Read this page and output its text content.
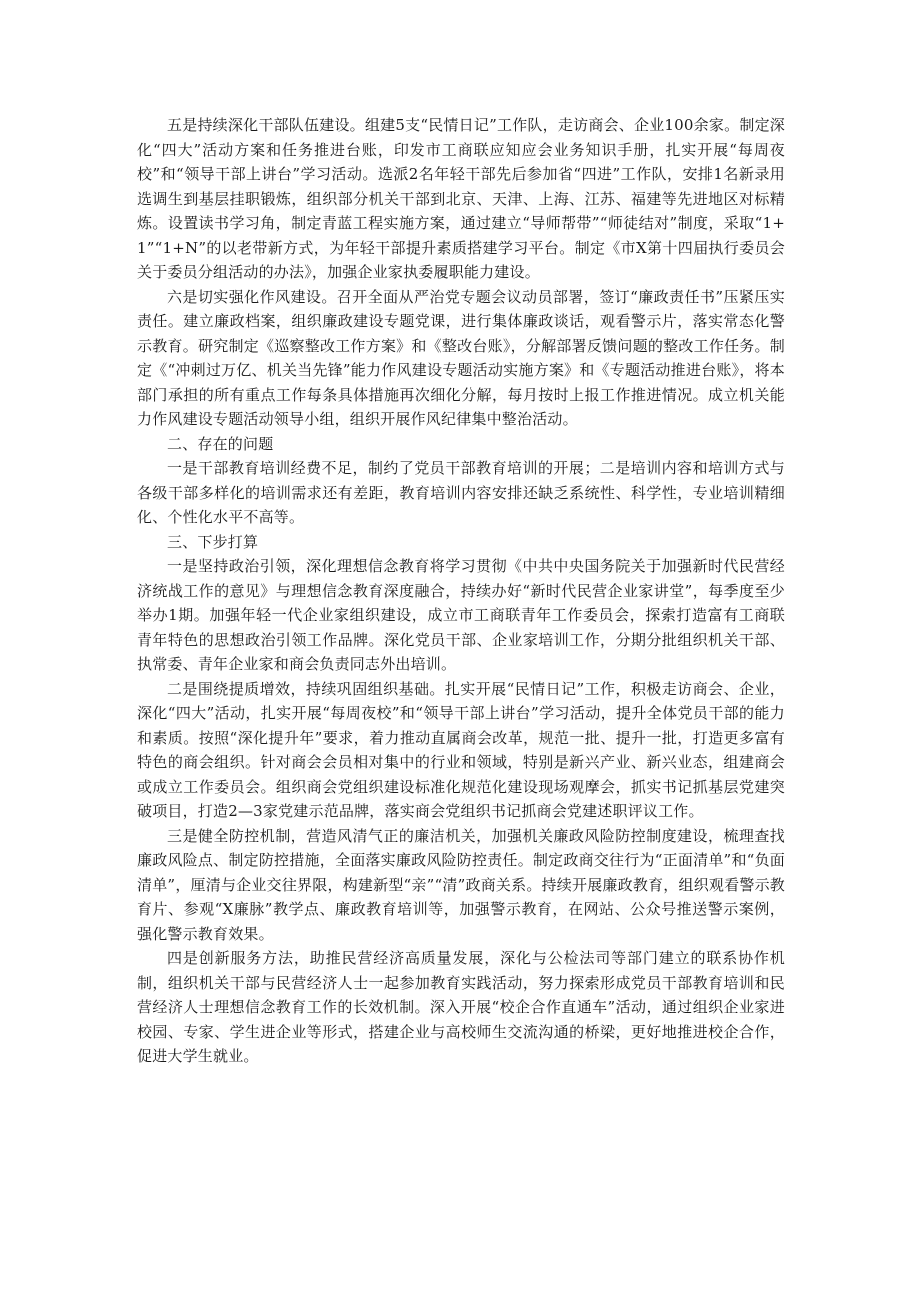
五是持续深化干部队伍建设。组建5支“民情日记”工作队，走访商会、企业100余家。制定深化“四大”活动方案和任务推进台账，印发市工商联应知应会业务知识手册，扎实开展“每周夜校”和“领导干部上讲台”学习活动。选派2名年轻干部先后参加省“四进”工作队，安排1名新录用选调生到基层挂职锻炼，组织部分机关干部到北京、天津、上海、江苏、福建等先进地区对标精炼。设置读书学习角，制定青蓝工程实施方案，通过建立“导师帮带”“师徒结对”制度，采取“1+1”“1+N”的以老带新方式，为年轻干部提升素质搭建学习平台。制定《市X第十四届执行委员会关于委员分组活动的办法》，加强企业家执委履职能力建设。

六是切实强化作风建设。召开全面从严治党专题会议动员部署，签订“廉政责任书”压紧压实责任。建立廉政档案，组织廉政建设专题党课，进行集体廉政谈话，观看警示片，落实常态化警示教育。研究制定《巡察整改工作方案》和《整改台账》，分解部署反馈问题的整改工作任务。制定《“冲刺过万亿、机关当先锋”能力作风建设专题活动实施方案》和《专题活动推进台账》，将本部门承担的所有重点工作每条具体措施再次细化分解，每月按时上报工作推进情况。成立机关能力作风建设专题活动领导小组，组织开展作风纪律集中整治活动。

二、存在的问题

一是干部教育培训经费不足，制约了党员干部教育培训的开展；二是培训内容和培训方式与各级干部多样化的培训需求还有差距，教育培训内容安排还缺乏系统性、科学性，专业培训精细化、个性化水平不高等。

三、下步打算

一是坚持政治引领，深化理想信念教育将学习贯彻《中共中央国务院关于加强新时代民营经济统战工作的意见》与理想信念教育深度融合，持续办好“新时代民营企业家讲堂”，每季度至少举办1期。加强年轻一代企业家组织建设，成立市工商联青年工作委员会，探索打造富有工商联青年特色的思想政治引领工作品牌。深化党员干部、企业家培训工作，分期分批组织机关干部、执常委、青年企业家和商会负责同志外出培训。

二是围绕提质增效，持续巩固组织基础。扎实开展“民情日记”工作，积极走访商会、企业，深化“四大”活动，扎实开展“每周夜校”和“领导干部上讲台”学习活动，提升全体党员干部的能力和素质。按照“深化提升年”要求，着力推动直属商会改革，规范一批、提升一批，打造更多富有特色的商会组织。针对商会会员相对集中的行业和领域，特别是新兴产业、新兴业态，组建商会或成立工作委员会。组织商会党组织建设标准化规范化建设现场观摩会，抓实书记抓基层党建突破项目，打造2—3家党建示范品牌，落实商会党组织书记抓商会党建述职评议工作。

三是健全防控机制，营造风清气正的廉洁机关，加强机关廉政风险防控制度建设，梳理查找廉政风险点、制定防控措施，全面落实廉政风险防控责任。制定政商交往行为“正面清单”和“负面清单”，厘清与企业交往界限，构建新型“亲”“清”政商关系。持续开展廉政教育，组织观看警示教育片、参观“X廉脉”教学点、廉政教育培训等，加强警示教育，在网站、公众号推送警示案例，强化警示教育效果。

四是创新服务方法，助推民营经济高质量发展，深化与公检法司等部门建立的联系协作机制，组织机关干部与民营经济人士一起参加教育实践活动，努力探索形成党员干部教育培训和民营经济人士理想信念教育工作的长效机制。深入开展“校企合作直通车”活动，通过组织企业家进校园、专家、学生进企业等形式，搭建企业与高校师生交流沟通的桥梁，更好地推进校企合作，促进大学生就业。
